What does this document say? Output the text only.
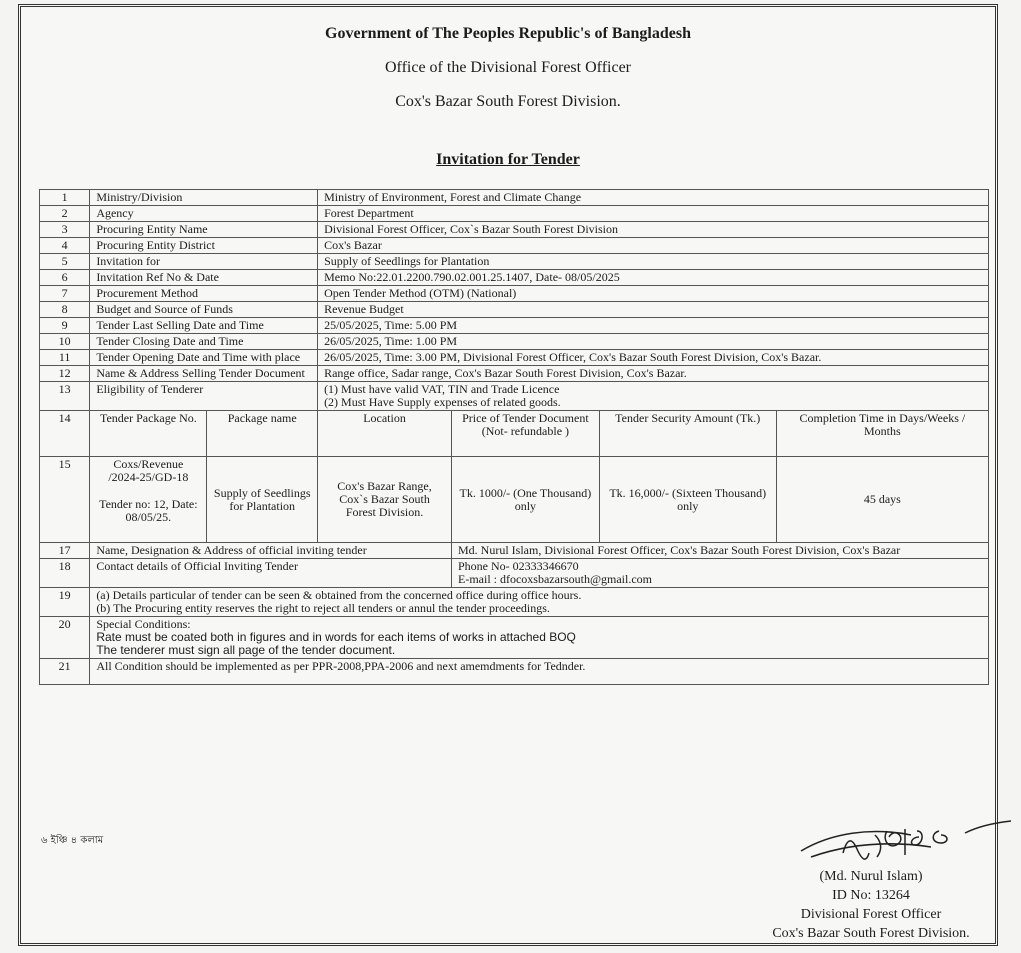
Government of The Peoples Republic's of Bangladesh
Office of the Divisional Forest Officer
Cox's Bazar South Forest Division.
Invitation for Tender
1	Ministry/Division		Ministry of Environment, Forest and Climate Change			
2	Agency		Forest Department			
3	Procuring Entity Name		Divisional Forest Officer, Cox`s Bazar South Forest Division			
4	Procuring Entity District		Cox's Bazar			
5	Invitation for		Supply of Seedlings for Plantation			
6	Invitation Ref No & Date		Memo No:22.01.2200.790.02.001.25.1407, Date- 08/05/2025			
7	Procurement Method		Open Tender Method (OTM) (National)			
8	Budget and Source of Funds		Revenue Budget			
9	Tender Last Selling Date and Time		25/05/2025, Time: 5.00 PM			
10	Tender Closing Date and Time		26/05/2025, Time: 1.00 PM			
11	Tender Opening Date and Time with place		26/05/2025, Time: 3.00 PM, Divisional Forest Officer, Cox's Bazar South Forest Division, Cox's Bazar.			
12	Name & Address Selling Tender Document		Range office, Sadar range, Cox's Bazar South Forest Division, Cox's Bazar.			
13	Eligibility of Tenderer		(1) Must have valid VAT, TIN and Trade Licence
(2) Must Have Supply expenses of related goods.			

14	Tender Package No.	Package name	Location	Price of Tender Document (Not- refundable )	Tender Security Amount (Tk.)	Completion Time in Days/Weeks / Months
15	Coxs/Revenue /2024-25/GD-18
Tender no: 12, Date: 08/05/25.	Supply of Seedlings for Plantation	Cox's Bazar Range, Cox`s Bazar South Forest Division.	Tk. 1000/- (One Thousand) only	Tk. 16,000/- (Sixteen Thousand) only	45 days
17	Name, Designation & Address of official inviting tender			Md. Nurul Islam, Divisional Forest Officer, Cox's Bazar South Forest Division, Cox's Bazar		
18	Contact details of Official Inviting Tender			Phone No- 02333346670
E-mail : dfocoxsbazarsouth@gmail.com		

19	(a) Details particular of tender can be seen & obtained from the concerned office during office hours.
(b) The Procuring entity reserves the right to reject all tenders or annul the tender proceedings.					

20	Special Conditions:
Rate must be coated both in figures and in words for each items of works in attached BOQ
The tenderer must sign all page of the tender document.					

21	All Condition should be implemented as per PPR-2008,PPA-2006 and next amemdments for Tednder.					
৬ ইঞ্চি ৪ কলাম
(Md. Nurul Islam)
ID No: 13264
Divisional Forest Officer
Cox's Bazar South Forest Division.
